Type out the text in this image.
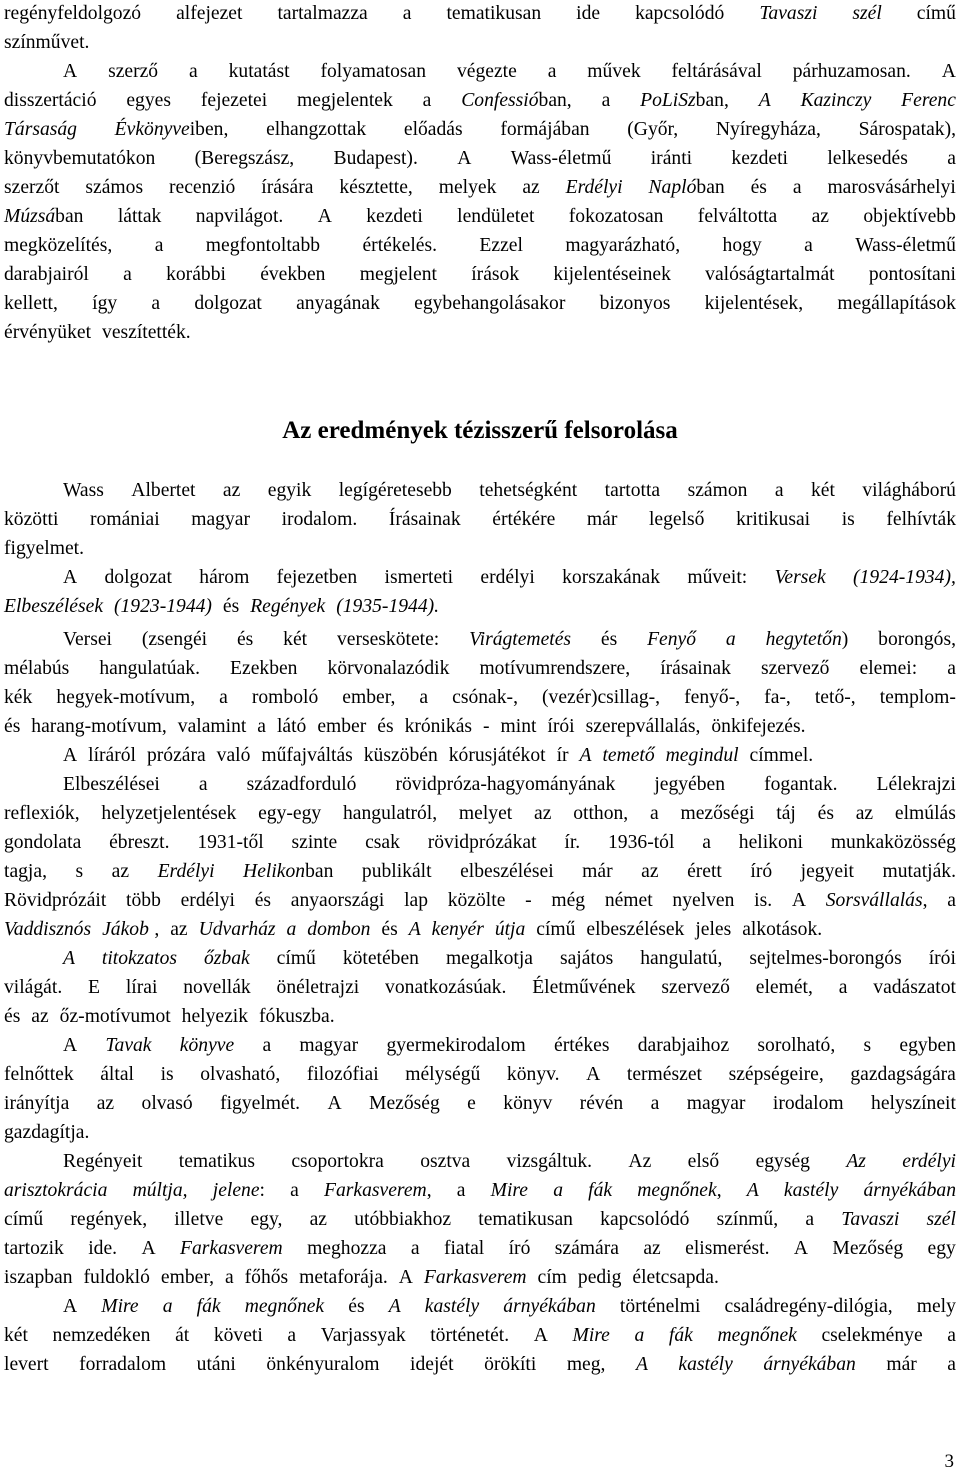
regényfeldolgozó alfejezet tartalmazza a tematikusan ide kapcsolódó Tavaszi szél című
színművet.
A szerző a kutatást folyamatosan végezte a művek feltárásával párhuzamosan. A
disszertáció egyes fejezetei megjelentek a Confessióban, a PoLiSzban, A Kazinczy Ferenc
Társaság Évkönyveiben, elhangzottak előadás formájában (Győr, Nyíregyháza, Sárospatak),
könyvbemutatókon (Beregszász, Budapest). A Wass-életmű iránti kezdeti lelkesedés a
szerzőt számos recenzió írására késztette, melyek az Erdélyi Naplóban és a marosvásárhelyi
Múzsában láttak napvilágot. A kezdeti lendületet fokozatosan felváltotta az objektívebb
megközelítés, a megfontoltabb értékelés. Ezzel magyarázható, hogy a Wass-életmű
darabjairól a korábbi években megjelent írások kijelentéseinek valóságtartalmát pontosítani
kellett, így a dolgozat anyagának egybehangolásakor bizonyos kijelentések, megállapítások
érvényüket veszítették.
Wass Albertet az egyik legígéretesebb tehetségként tartotta számon a két világháború
közötti romániai magyar irodalom. Írásainak értékére már legelső kritikusai is felhívták
figyelmet.
A dolgozat három fejezetben ismerteti erdélyi korszakának műveit: Versek (1924-1934),
Elbeszélések (1923-1944) és Regények (1935-1944).
Versei (zsengéi és két verseskötete: Virágtemetés és Fenyő a hegytetőn) borongós,
mélabús hangulatúak. Ezekben körvonalazódik motívumrendszere, írásainak szervező elemei: a
kék hegyek-motívum, a romboló ember, a csónak-, (vezér)csillag-, fenyő-, fa-, tető-, templom-
és harang-motívum, valamint a látó ember és krónikás - mint írói szerepvállalás, önkifejezés.
A líráról prózára való műfajváltás küszöbén kórusjátékot ír A temető megindul címmel.
Elbeszélései a századforduló rövidpróza-hagyományának jegyében fogantak. Lélekrajzi
reflexiók, helyzetjelentések egy-egy hangulatról, melyet az otthon, a mezőségi táj és az elmúlás
gondolata ébreszt. 1931-től szinte csak rövidprózákat ír. 1936-tól a helikoni munkaközösség
tagja, s az Erdélyi Helikonban publikált elbeszélései már az érett író jegyeit mutatják.
Rövidprózáit több erdélyi és anyaországi lap közölte - még német nyelven is. A Sorsvállalás, a
Vaddisznós Jákob , az Udvarház a dombon és A kenyér útja című elbeszélések jeles alkotások.
A titokzatos őzbak című kötetében megalkotja sajátos hangulatú, sejtelmes-borongós írói
világát. E lírai novellák önéletrajzi vonatkozásúak. Életművének szervező elemét, a vadászatot
és az őz-motívumot helyezik fókuszba.
A Tavak könyve a magyar gyermekirodalom értékes darabjaihoz sorolható, s egyben
felnőttek által is olvasható, filozófiai mélységű könyv. A természet szépségeire, gazdagságára
irányítja az olvasó figyelmét. A Mezőség e könyv révén a magyar irodalom helyszíneit
gazdagítja.
Regényeit tematikus csoportokra osztva vizsgáltuk. Az első egység Az erdélyi
arisztokrácia múltja, jelene: a Farkasverem, a Mire a fák megnőnek, A kastély árnyékában
című regények, illetve egy, az utóbbiakhoz tematikusan kapcsolódó színmű, a Tavaszi szél
tartozik ide. A Farkasverem meghozza a fiatal író számára az elismerést. A Mezőség egy
iszapban fuldokló ember, a főhős metaforája. A Farkasverem cím pedig életcsapda.
A Mire a fák megnőnek és A kastély árnyékában történelmi családregény-dilógia, mely
két nemzedéken át követi a Varjassyak történetét. A Mire a fák megnőnek cselekménye a
levert forradalom utáni önkényuralom idejét örökíti meg, A kastély árnyékában már a
Az eredmények tézisszerű felsorolása
3
